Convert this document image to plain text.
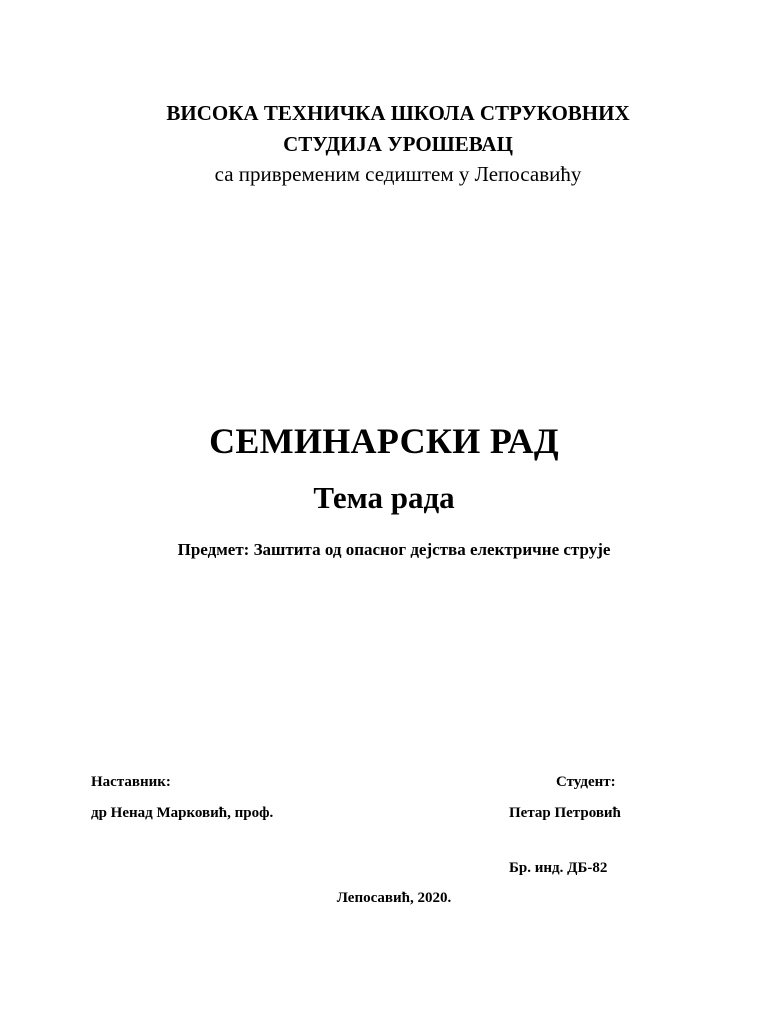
ВИСОКА ТЕХНИЧКА ШКОЛА СТРУКОВНИХ
СТУДИЈА УРОШЕВАЦ
са привременим седиштем у Лепосавићу
СЕМИНАРСКИ РАД
Тема рада
Предмет: Заштита од опасног дејства електричне струје
Наставник:
др Ненад Марковић, проф.
Студент:
Петар Петровић
Бр. инд. ДБ-82
Лепосавић, 2020.
